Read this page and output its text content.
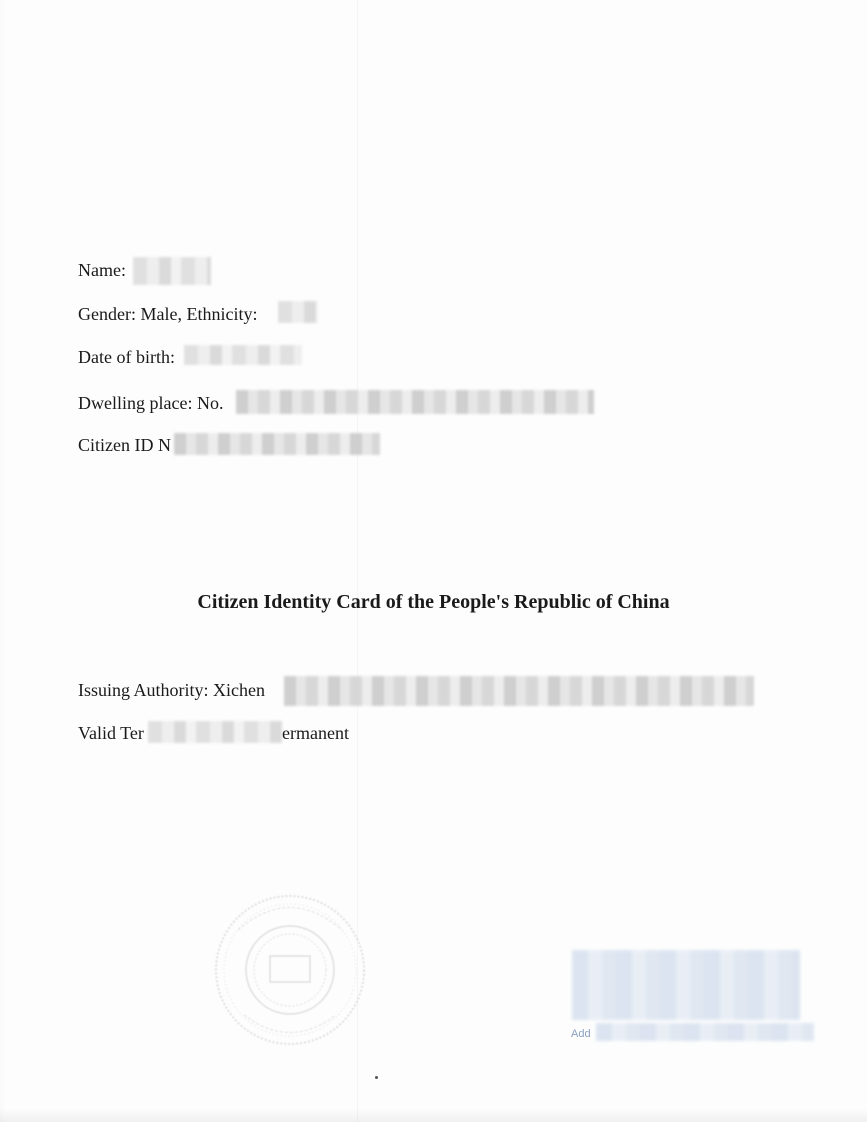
Name:
Gender: Male, Ethnicity:
Date of birth:
Dwelling place: No.
Citizen ID N
Citizen Identity Card of the People's Republic of China
Issuing Authority: Xichen
Valid Ter	ermanent
Add
